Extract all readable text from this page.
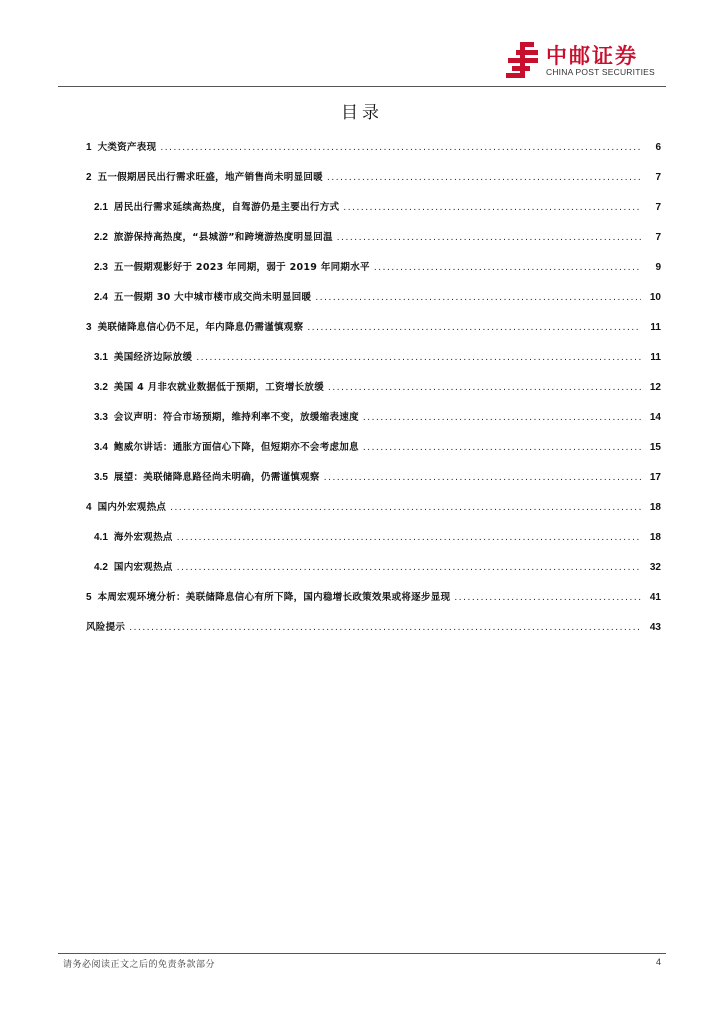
中邮证券
CHINA POST SECURITIES
目录
1 大类资产表现 .....	6
2 五一假期居民出行需求旺盛，地产销售尚未明显回暖 .....	7
2.1 居民出行需求延续高热度，自驾游仍是主要出行方式 .....	7
2.2 旅游保持高热度，“县城游”和跨境游热度明显回温 .....	7
2.3 五一假期观影好于 2023 年同期，弱于 2019 年同期水平 .....	9
2.4 五一假期 30 大中城市楼市成交尚未明显回暖 .....	10
3 美联储降息信心仍不足，年内降息仍需谨慎观察 .....	11
3.1 美国经济边际放缓 .....	11
3.2 美国 4 月非农就业数据低于预期，工资增长放缓 .....	12
3.3 会议声明：符合市场预期，维持利率不变，放缓缩表速度 .....	14
3.4 鲍威尔讲话：通胀方面信心下降，但短期亦不会考虑加息 .....	15
3.5 展望：美联储降息路径尚未明确，仍需谨慎观察 .....	17
4 国内外宏观热点 .....	18
4.1 海外宏观热点 .....	18
4.2 国内宏观热点 .....	32
5 本周宏观环境分析：美联储降息信心有所下降，国内稳增长政策效果或将逐步显现 .....	41
风险提示 .....	43
请务必阅读正文之后的免责条款部分	4
